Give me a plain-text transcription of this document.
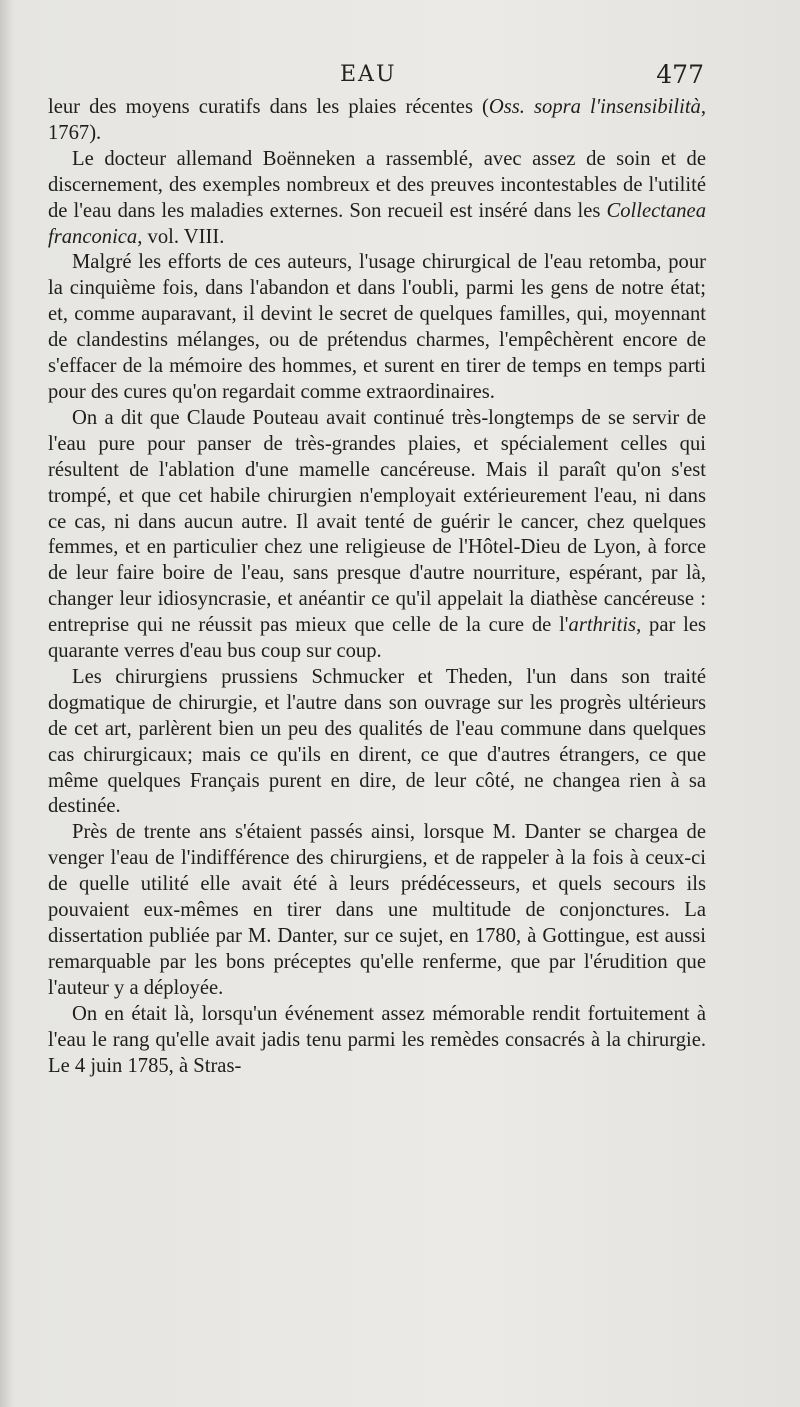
EAU	477

leur des moyens curatifs dans les plaies récentes (Oss. sopra l'insensibilità, 1767).

Le docteur allemand Boënneken a rassemblé, avec assez de soin et de discernement, des exemples nombreux et des preuves incontestables de l'utilité de l'eau dans les maladies externes. Son recueil est inséré dans les Collectanea franconica, vol. VIII.

Malgré les efforts de ces auteurs, l'usage chirurgical de l'eau retomba, pour la cinquième fois, dans l'abandon et dans l'oubli, parmi les gens de notre état; et, comme auparavant, il devint le secret de quelques familles, qui, moyennant de clandestins mélanges, ou de prétendus charmes, l'empêchèrent encore de s'effacer de la mémoire des hommes, et surent en tirer de temps en temps parti pour des cures qu'on regardait comme extraordinaires.

On a dit que Claude Pouteau avait continué très-longtemps de se servir de l'eau pure pour panser de très-grandes plaies, et spécialement celles qui résultent de l'ablation d'une mamelle cancéreuse. Mais il paraît qu'on s'est trompé, et que cet habile chirurgien n'employait extérieurement l'eau, ni dans ce cas, ni dans aucun autre. Il avait tenté de guérir le cancer, chez quelques femmes, et en particulier chez une religieuse de l'Hôtel-Dieu de Lyon, à force de leur faire boire de l'eau, sans presque d'autre nourriture, espérant, par là, changer leur idiosyncrasie, et anéantir ce qu'il appelait la diathèse cancéreuse : entreprise qui ne réussit pas mieux que celle de la cure de l'arthritis, par les quarante verres d'eau bus coup sur coup.

Les chirurgiens prussiens Schmucker et Theden, l'un dans son traité dogmatique de chirurgie, et l'autre dans son ouvrage sur les progrès ultérieurs de cet art, parlèrent bien un peu des qualités de l'eau commune dans quelques cas chirurgicaux; mais ce qu'ils en dirent, ce que d'autres étrangers, ce que même quelques Français purent en dire, de leur côté, ne changea rien à sa destinée.

Près de trente ans s'étaient passés ainsi, lorsque M. Danter se chargea de venger l'eau de l'indifférence des chirurgiens, et de rappeler à la fois à ceux-ci de quelle utilité elle avait été à leurs prédécesseurs, et quels secours ils pouvaient eux-mêmes en tirer dans une multitude de conjonctures. La dissertation publiée par M. Danter, sur ce sujet, en 1780, à Gottingue, est aussi remarquable par les bons préceptes qu'elle renferme, que par l'érudition que l'auteur y a déployée.

On en était là, lorsqu'un événement assez mémorable rendit fortuitement à l'eau le rang qu'elle avait jadis tenu parmi les remèdes consacrés à la chirurgie. Le 4 juin 1785, à Stras-
